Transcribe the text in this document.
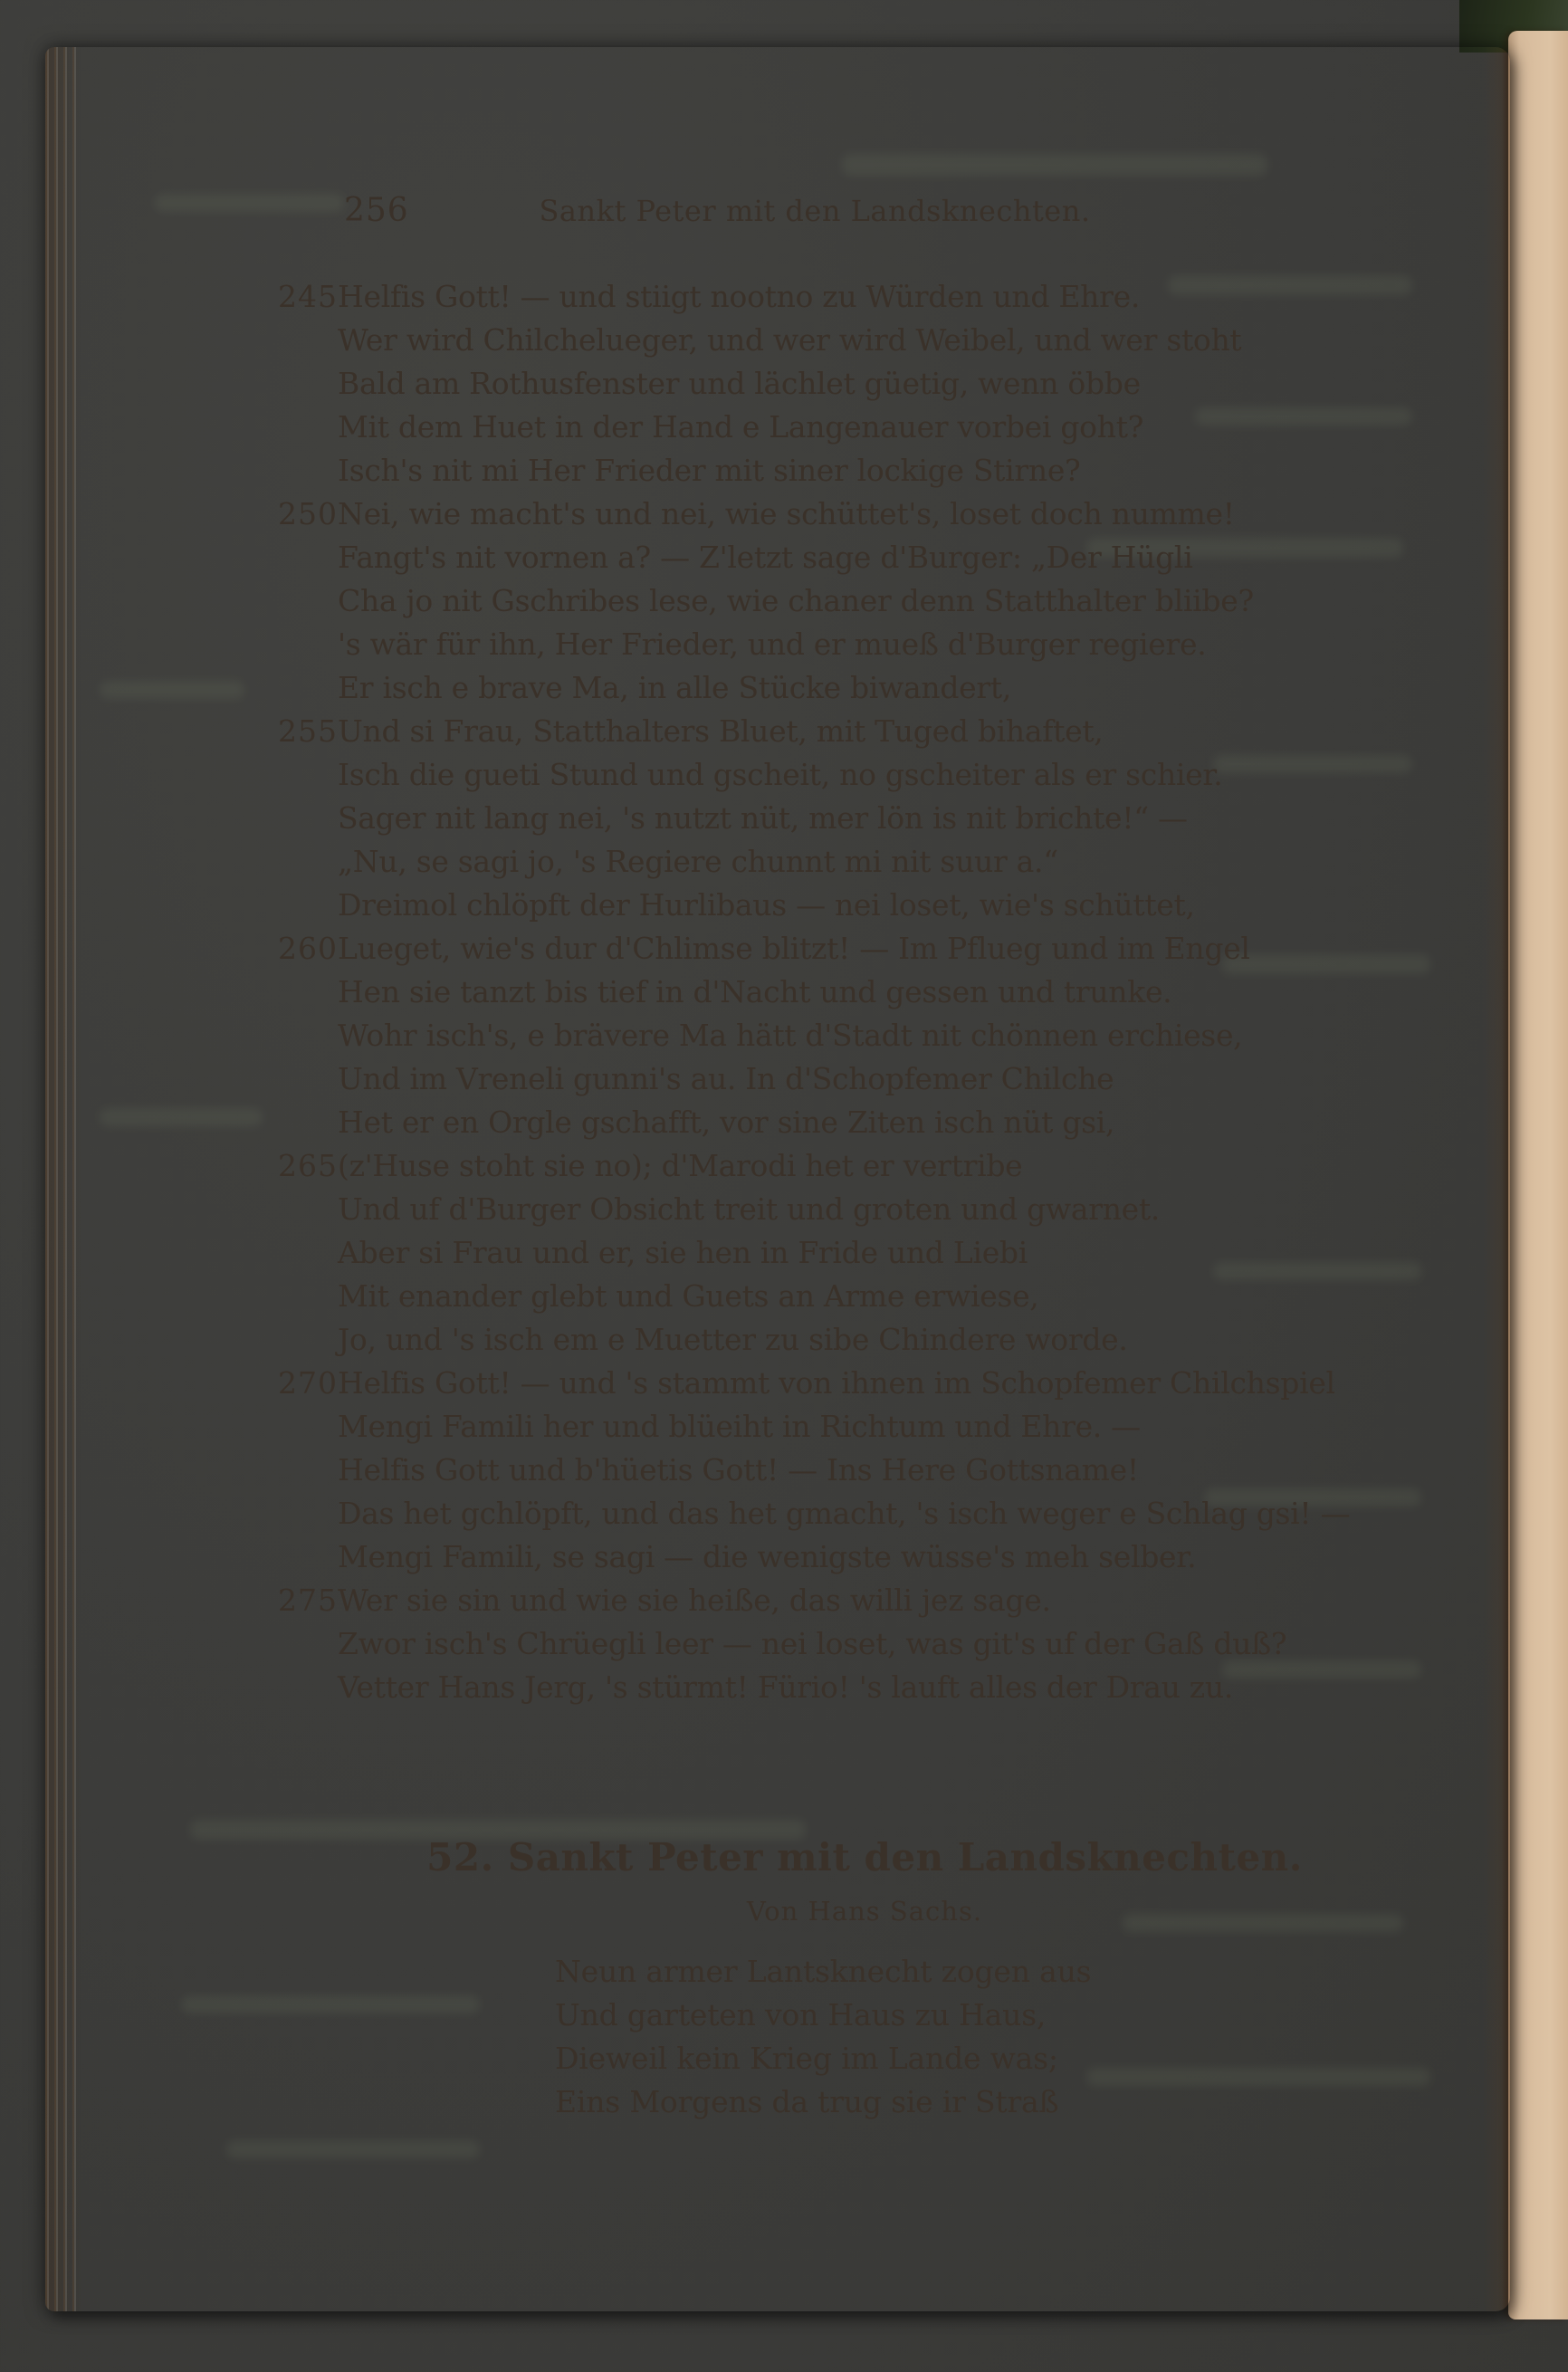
256	Sankt Peter mit den Landsknechten.
245 Helfis Gott! — und stiigt nootno zu Würden und Ehre.
Wer wird Chilchelueger, und wer wird Weibel, und wer stoht
Bald am Rothusfenster und lächlet güetig, wenn öbbe
Mit dem Huet in der Hand e Langenauer vorbei goht?
Isch's nit mi Her Frieder mit siner lockige Stirne?
250 Nei, wie macht's und nei, wie schüttet's, loset doch numme!
Fangt's nit vornen a? — Z'letzt sage d'Burger: „Der Hügli
Cha jo nit Gschribes lese, wie chaner denn Statthalter bliibe?
's wär für ihn, Her Frieder, und er mueß d'Burger regiere.
Er isch e brave Ma, in alle Stücke biwandert,
255 Und si Frau, Statthalters Bluet, mit Tuged bihaftet,
Isch die gueti Stund und gscheit, no gscheiter als er schier.
Sager nit lang nei, 's nutzt nüt, mer lön is nit brichte!“ —
„Nu, se sagi jo, 's Regiere chunnt mi nit suur a.“
Dreimol chlöpft der Hurlibaus — nei loset, wie's schüttet,
260 Lueget, wie's dur d'Chlimse blitzt! — Im Pflueg und im Engel
Hen sie tanzt bis tief in d'Nacht und gessen und trunke.
Wohr isch's, e brävere Ma hätt d'Stadt nit chönnen erchiese,
Und im Vreneli gunni's au. In d'Schopfemer Chilche
Het er en Orgle gschafft, vor sine Ziten isch nüt gsi,
265 (z'Huse stoht sie no); d'Marodi het er vertribe
Und uf d'Burger Obsicht treit und groten und gwarnet.
Aber si Frau und er, sie hen in Fride und Liebi
Mit enander glebt und Guets an Arme erwiese,
Jo, und 's isch em e Muetter zu sibe Chindere worde.
270 Helfis Gott! — und 's stammt von ihnen im Schopfemer Chilchspiel
Mengi Famili her und blüeiht in Richtum und Ehre. —
Helfis Gott und b'hüetis Gott! — Ins Here Gottsname!
Das het gchlöpft, und das het gmacht, 's isch weger e Schlag gsi! —
Mengi Famili, se sagi — die wenigste wüsse's meh selber.
275 Wer sie sin und wie sie heiße, das willi jez sage.
Zwor isch's Chrüegli leer — nei loset, was git's uf der Gaß duß?
Vetter Hans Jerg, 's stürmt! Fürio! 's lauft alles der Drau zu.
52. Sankt Peter mit den Landsknechten.
Von Hans Sachs.
Neun armer Lantsknecht zogen aus
Und garteten von Haus zu Haus,
Dieweil kein Krieg im Lande was;
Eins Morgens da trug sie ir Straß
